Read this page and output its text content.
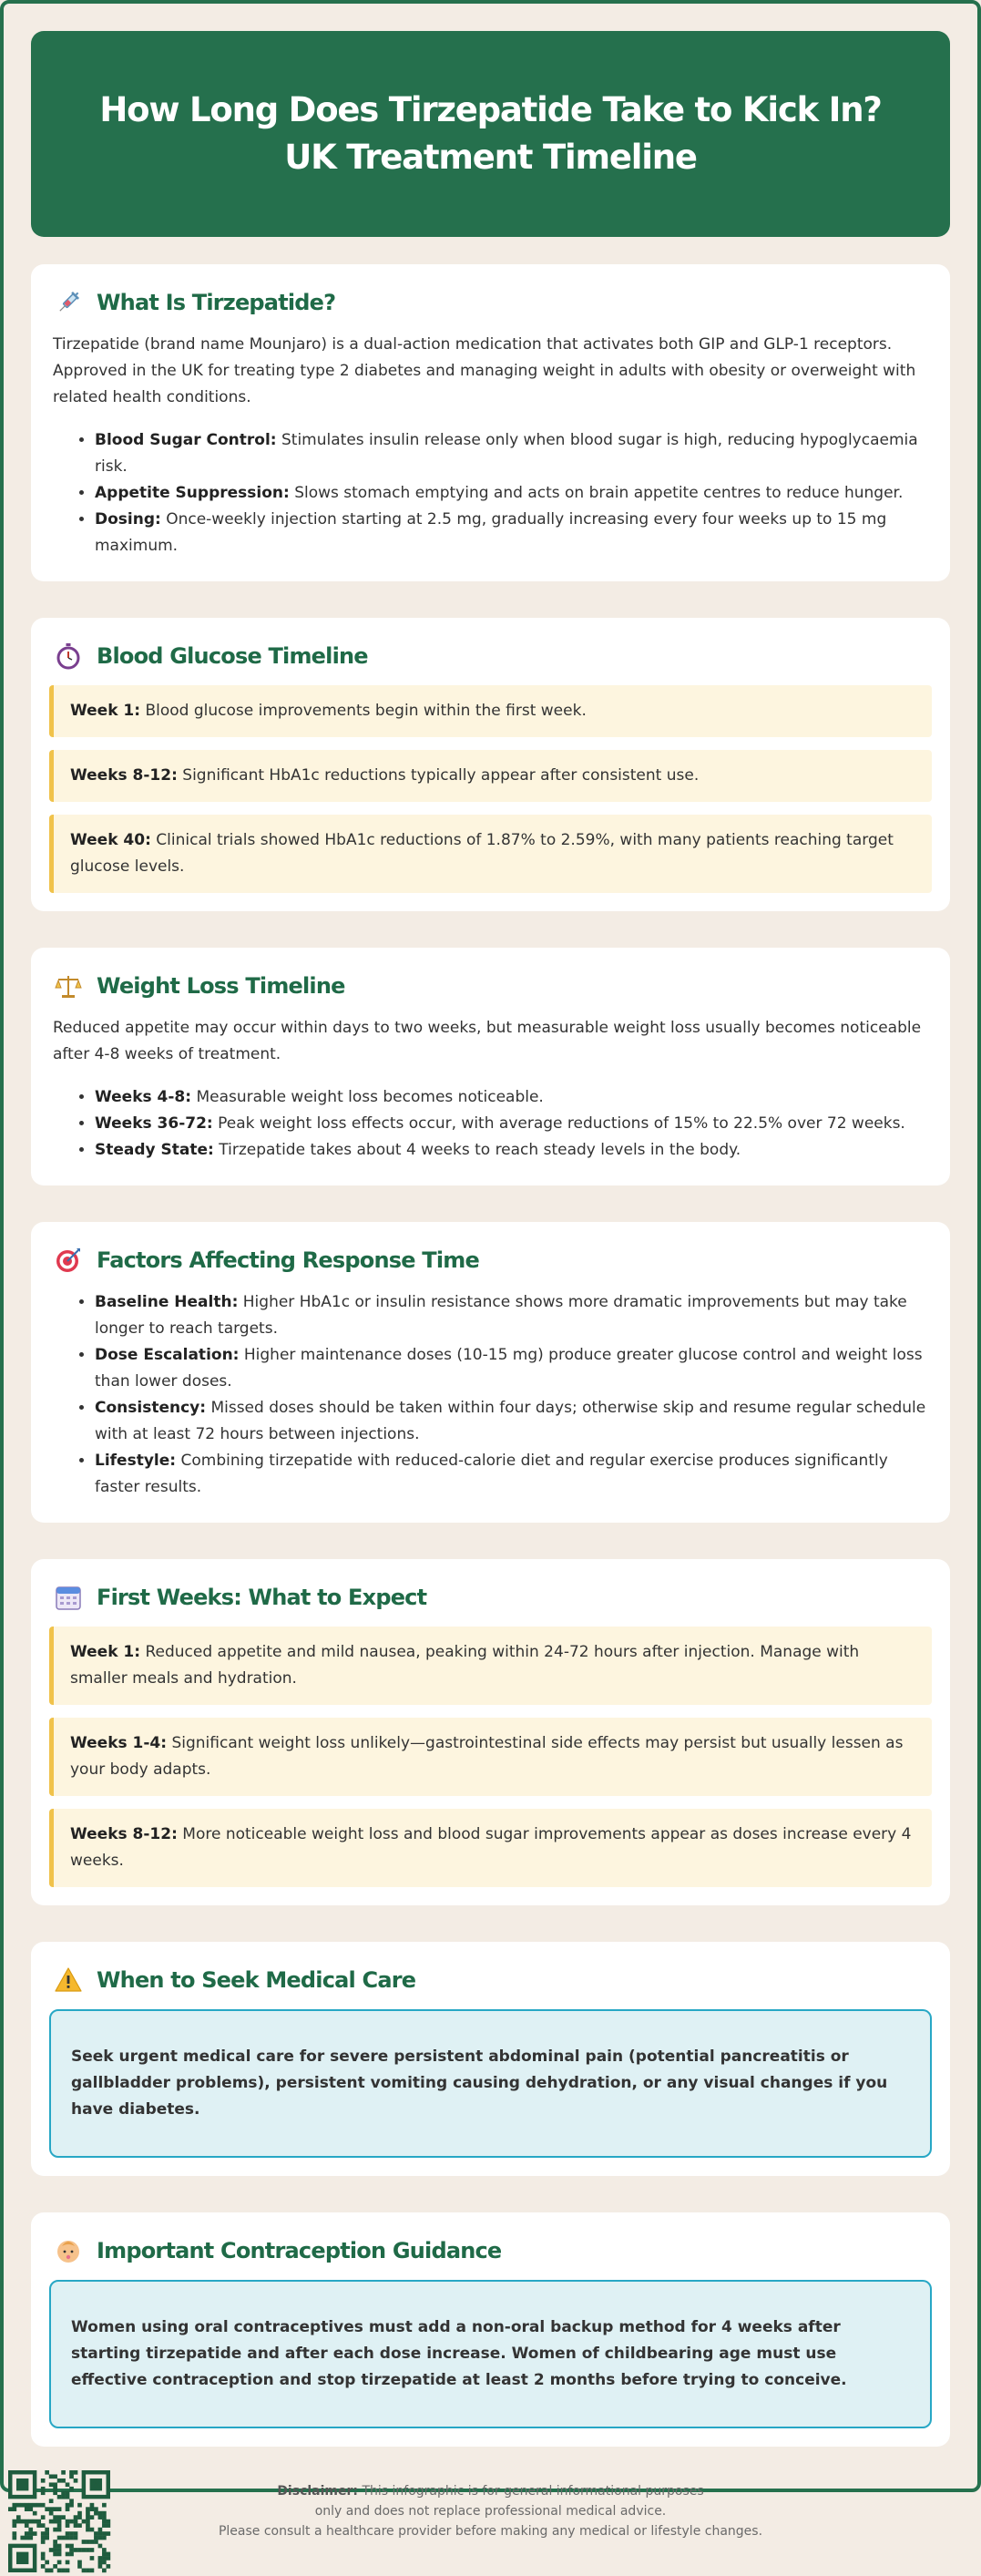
How Long Does Tirzepatide Take to Kick In? UK Treatment Timeline
What Is Tirzepatide?

Tirzepatide (brand name Mounjaro) is a dual-action medication that activates both GIP and GLP-1 receptors. Approved in the UK for treating type 2 diabetes and managing weight in adults with obesity or overweight with related health conditions.

• Blood Sugar Control: Stimulates insulin release only when blood sugar is high, reducing hypoglycaemia risk.
• Appetite Suppression: Slows stomach emptying and acts on brain appetite centres to reduce hunger.
• Dosing: Once-weekly injection starting at 2.5 mg, gradually increasing every four weeks up to 15 mg maximum.
Blood Glucose Timeline
Week 1: Blood glucose improvements begin within the first week.
Weeks 8-12: Significant HbA1c reductions typically appear after consistent use.
Week 40: Clinical trials showed HbA1c reductions of 1.87% to 2.59%, with many patients reaching target glucose levels.
Weight Loss Timeline

Reduced appetite may occur within days to two weeks, but measurable weight loss usually becomes noticeable after 4-8 weeks of treatment.

• Weeks 4-8: Measurable weight loss becomes noticeable.
• Weeks 36-72: Peak weight loss effects occur, with average reductions of 15% to 22.5% over 72 weeks.
• Steady State: Tirzepatide takes about 4 weeks to reach steady levels in the body.
Factors Affecting Response Time
• Baseline Health: Higher HbA1c or insulin resistance shows more dramatic improvements but may take longer to reach targets.
• Dose Escalation: Higher maintenance doses (10-15 mg) produce greater glucose control and weight loss than lower doses.
• Consistency: Missed doses should be taken within four days; otherwise skip and resume regular schedule with at least 72 hours between injections.
• Lifestyle: Combining tirzepatide with reduced-calorie diet and regular exercise produces significantly faster results.
First Weeks: What to Expect
Week 1: Reduced appetite and mild nausea, peaking within 24-72 hours after injection. Manage with smaller meals and hydration.
Weeks 1-4: Significant weight loss unlikely—gastrointestinal side effects may persist but usually lessen as your body adapts.
Weeks 8-12: More noticeable weight loss and blood sugar improvements appear as doses increase every 4 weeks.
When to Seek Medical Care
Seek urgent medical care for severe persistent abdominal pain (potential pancreatitis or gallbladder problems), persistent vomiting causing dehydration, or any visual changes if you have diabetes.
Important Contraception Guidance
Women using oral contraceptives must add a non-oral backup method for 4 weeks after starting tirzepatide and after each dose increase. Women of childbearing age must use effective contraception and stop tirzepatide at least 2 months before trying to conceive.
Disclaimer: This infographic is for general informational purposes
only and does not replace professional medical advice.
Please consult a healthcare provider before making any medical or lifestyle changes.
